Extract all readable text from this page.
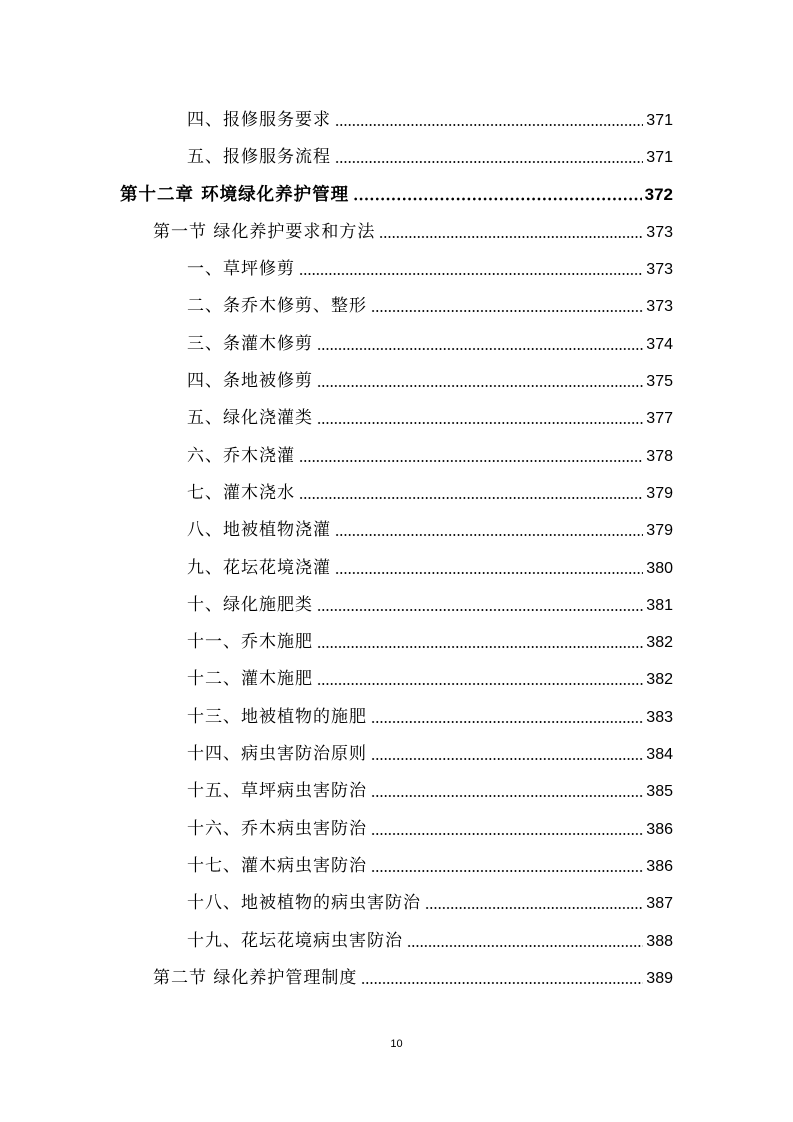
四、报修服务要求	371
五、报修服务流程	371
第十二章 环境绿化养护管理	372
第一节 绿化养护要求和方法	373
一、草坪修剪	373
二、条乔木修剪、整形	373
三、条灌木修剪	374
四、条地被修剪	375
五、绿化浇灌类	377
六、乔木浇灌	378
七、灌木浇水	379
八、地被植物浇灌	379
九、花坛花境浇灌	380
十、绿化施肥类	381
十一、乔木施肥	382
十二、灌木施肥	382
十三、地被植物的施肥	383
十四、病虫害防治原则	384
十五、草坪病虫害防治	385
十六、乔木病虫害防治	386
十七、灌木病虫害防治	386
十八、地被植物的病虫害防治	387
十九、花坛花境病虫害防治	388
第二节 绿化养护管理制度	389
10
